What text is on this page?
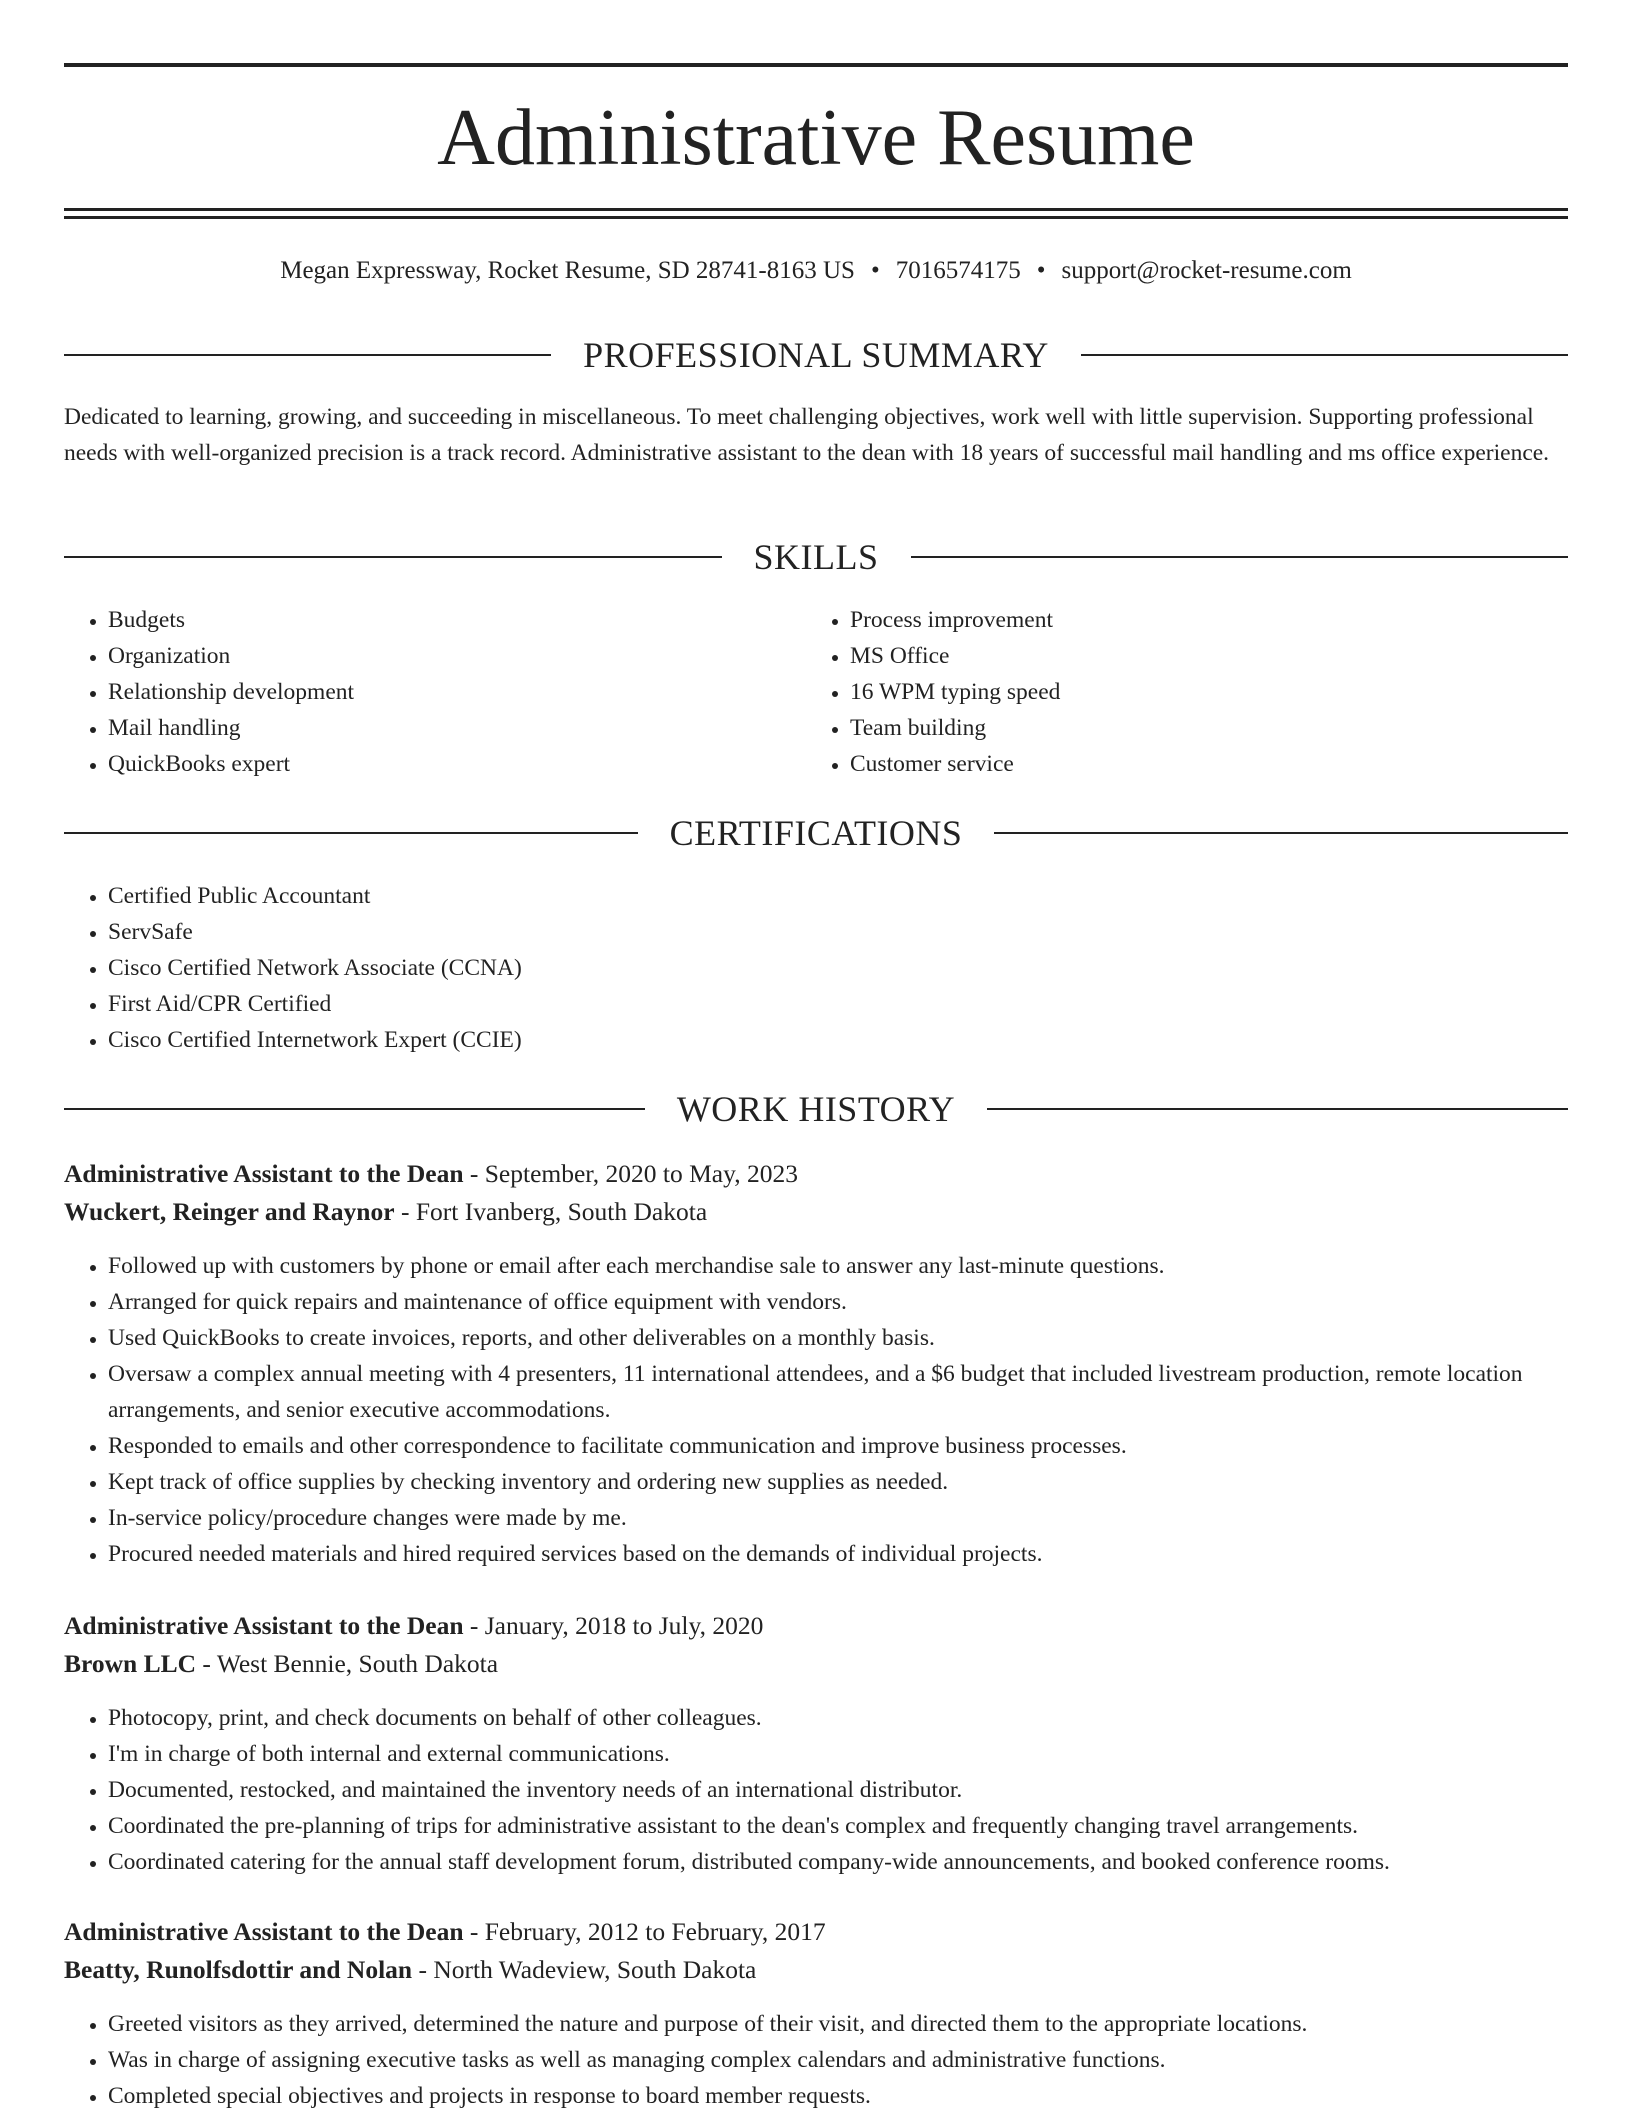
Administrative Resume
Megan Expressway, Rocket Resume, SD 28741-8163 US • 7016574175 • support@rocket-resume.com
PROFESSIONAL SUMMARY

Dedicated to learning, growing, and succeeding in miscellaneous. To meet challenging objectives, work well with little supervision. Supporting professional needs with well-organized precision is a track record. Administrative assistant to the dean with 18 years of successful mail handling and ms office experience.

SKILLS
• Budgets
• Organization
• Relationship development
• Mail handling
• QuickBooks expert
• Process improvement
• MS Office
• 16 WPM typing speed
• Team building
• Customer service
CERTIFICATIONS
• Certified Public Accountant
• ServSafe
• Cisco Certified Network Associate (CCNA)
• First Aid/CPR Certified
• Cisco Certified Internetwork Expert (CCIE)
WORK HISTORY
Administrative Assistant to the Dean - September, 2020 to May, 2023
Wuckert, Reinger and Raynor - Fort Ivanberg, South Dakota
• Followed up with customers by phone or email after each merchandise sale to answer any last-minute questions.
• Arranged for quick repairs and maintenance of office equipment with vendors.
• Used QuickBooks to create invoices, reports, and other deliverables on a monthly basis.
• Oversaw a complex annual meeting with 4 presenters, 11 international attendees, and a $6 budget that included livestream production, remote location arrangements, and senior executive accommodations.
• Responded to emails and other correspondence to facilitate communication and improve business processes.
• Kept track of office supplies by checking inventory and ordering new supplies as needed.
• In-service policy/procedure changes were made by me.
• Procured needed materials and hired required services based on the demands of individual projects.
Administrative Assistant to the Dean - January, 2018 to July, 2020
Brown LLC - West Bennie, South Dakota
• Photocopy, print, and check documents on behalf of other colleagues.
• I'm in charge of both internal and external communications.
• Documented, restocked, and maintained the inventory needs of an international distributor.
• Coordinated the pre-planning of trips for administrative assistant to the dean's complex and frequently changing travel arrangements.
• Coordinated catering for the annual staff development forum, distributed company-wide announcements, and booked conference rooms.
Administrative Assistant to the Dean - February, 2012 to February, 2017
Beatty, Runolfsdottir and Nolan - North Wadeview, South Dakota
• Greeted visitors as they arrived, determined the nature and purpose of their visit, and directed them to the appropriate locations.
• Was in charge of assigning executive tasks as well as managing complex calendars and administrative functions.
• Completed special objectives and projects in response to board member requests.
